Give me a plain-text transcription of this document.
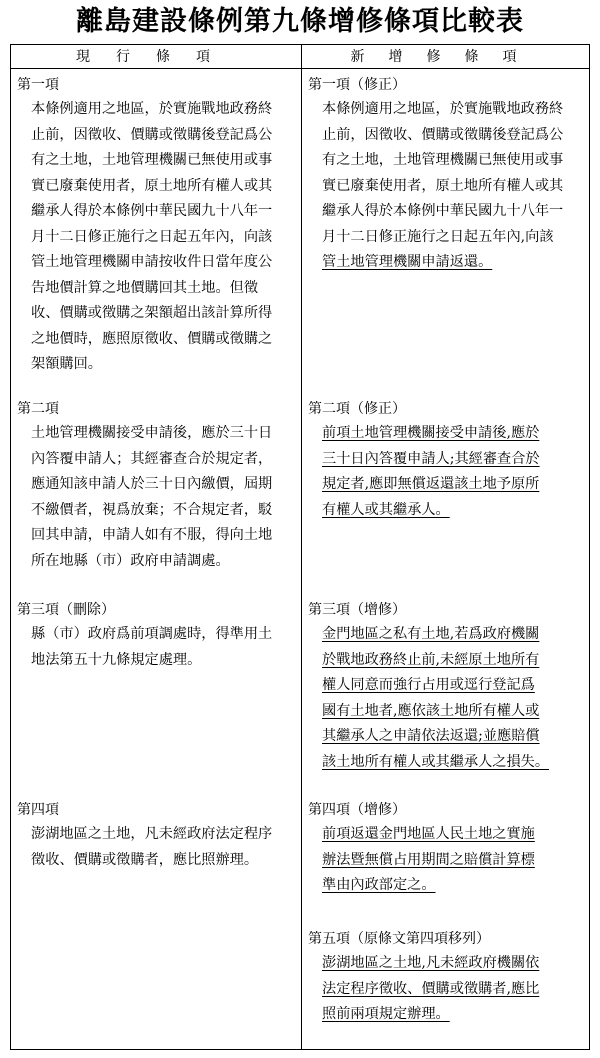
離島建設條例第九條增修條項比較表
現行條項	新增修條項
第一項
本條例適用之地區，於實施戰地政務終
止前，因徵收、價購或徵購後登記爲公
有之土地，土地管理機關已無使用或事
實已廢棄使用者，原土地所有權人或其
繼承人得於本條例中華民國九十八年一
月十二日修正施行之日起五年內，向該
管土地管理機關申請按收件日當年度公
告地價計算之地價購回其土地。但徵
收、價購或徵購之架額超出該計算所得
之地價時，應照原徵收、價購或徵購之
架額購回。
第二項
土地管理機關接受申請後，應於三十日
內答覆申請人；其經審查合於規定者，
應通知該申請人於三十日內繳價，屆期
不繳價者，視爲放棄；不合規定者，駁
回其申請，申請人如有不服，得向土地
所在地縣（市）政府申請調處。
第三項（刪除）
縣（市）政府爲前項調處時，得準用土
地法第五十九條規定處理。
第四項
澎湖地區之土地，凡未經政府法定程序
徵收、價購或徵購者，應比照辦理。
第一項（修正）
本條例適用之地區，於實施戰地政務終
止前，因徵收、價購或徵購後登記爲公
有之土地，土地管理機關已無使用或事
實已廢棄使用者，原土地所有權人或其
繼承人得於本條例中華民國九十八年一
月十二日修正施行之日起五年內,向該
管土地管理機關申請返還。
第二項（修正）
前項土地管理機關接受申請後,應於
三十日內答覆申請人;其經審查合於
規定者,應即無償返還該土地予原所
有權人或其繼承人。
第三項（增修）
金門地區之私有土地,若爲政府機關
於戰地政務終止前,未經原土地所有
權人同意而強行占用或逕行登記爲
國有土地者,應依該土地所有權人或
其繼承人之申請依法返還;並應賠償
該土地所有權人或其繼承人之損失。
第四項（增修）
前項返還金門地區人民土地之實施
辦法暨無償占用期間之賠償計算標
準由內政部定之。
第五項（原條文第四項移列）
澎湖地區之土地,凡未經政府機關依
法定程序徵收、價購或徵購者,應比
照前兩項規定辦理。
